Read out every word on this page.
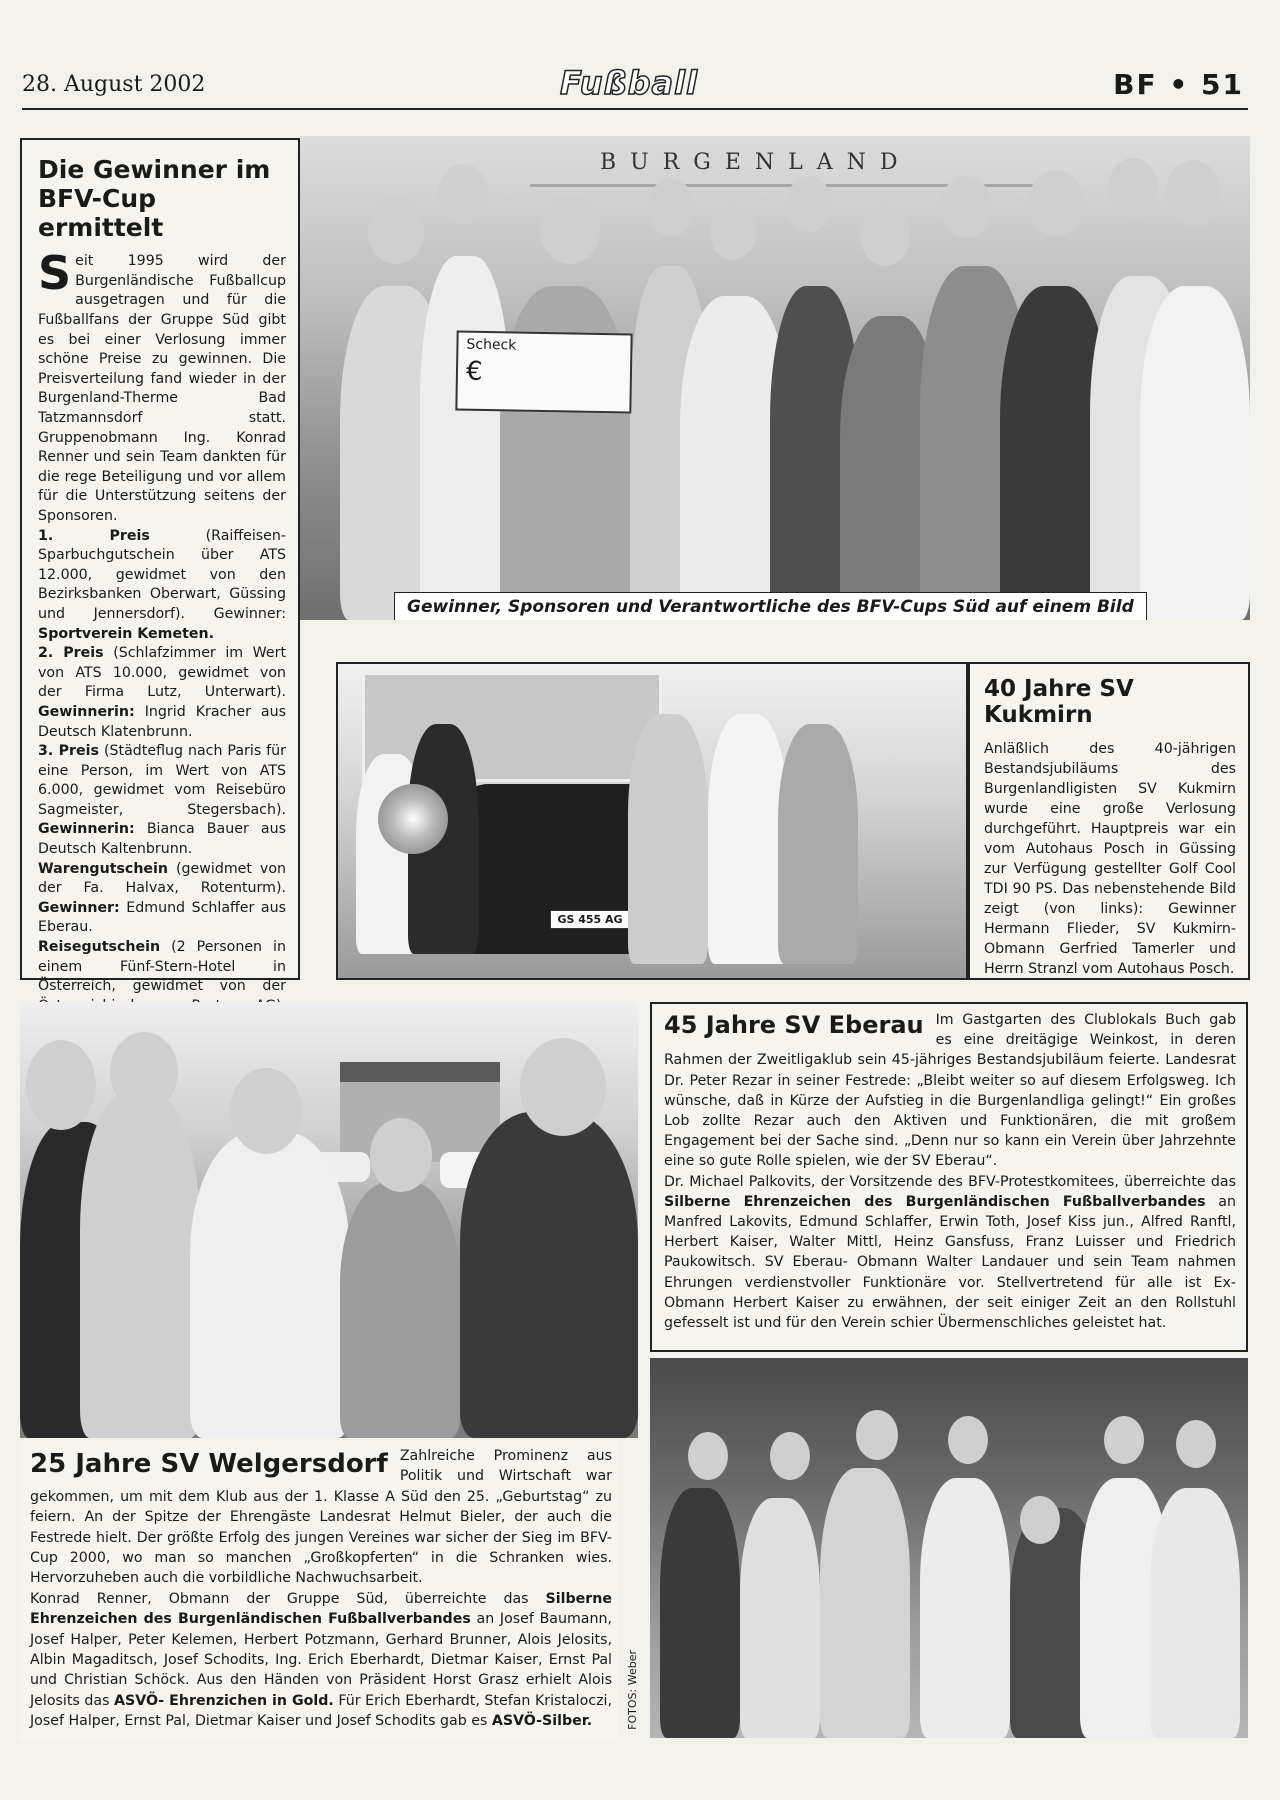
28. August 2002	Fußball	BF • 51
Die Gewinner im BFV-Cup ermittelt

Seit 1995 wird der Burgenländische Fußballcup ausgetragen und für die Fußballfans der Gruppe Süd gibt es bei einer Verlosung immer schöne Preise zu gewinnen. Die Preisverteilung fand wieder in der Burgenland-Therme Bad Tatzmannsdorf statt. Gruppenobmann Ing. Konrad Renner und sein Team dankten für die rege Beteiligung und vor allem für die Unterstützung seitens der Sponsoren.

1. Preis	(Raiffeisen-Sparbuchgutschein über ATS 12.000, gewidmet von den Bezirksbanken Oberwart, Güssing und Jennersdorf). Gewinner: Sportverein Kemeten.

2. Preis (Schlafzimmer im Wert von ATS 10.000, gewidmet von der Firma Lutz, Unterwart). Gewinnerin: Ingrid Kracher aus Deutsch Klatenbrunn.

3. Preis (Städteflug nach Paris für eine Person, im Wert von ATS 6.000, gewidmet vom Reisebüro Sagmeister, Stegersbach). Gewinnerin: Bianca Bauer aus Deutsch Kaltenbrunn.

Warengutschein (gewidmet von der Fa. Halvax, Rotenturm). Gewinner: Edmund Schlaffer aus Eberau.

Reisegutschein (2 Personen in einem Fünf-Stern-Hotel in Österreich, gewidmet von der

BURGENLAND
Scheck
€
Gewinner, Sponsoren und Verantwortliche des BFV-Cups Süd auf einem Bild
GS 455 AG
40 Jahre SV Kukmirn
Anläßlich des 40-jährigen Bestandsjubiläums des Burgenlandligisten SV Kukmirn wurde eine große Verlosung durchgeführt. Hauptpreis war ein vom Autohaus Posch in Güssing zur Verfügung gestellter Golf Cool TDI 90 PS. Das nebenstehende Bild zeigt (von links): Gewinner Hermann Flieder, SV Kukmirn-Obmann Gerfried Tamerler und Herrn Stranzl vom Autohaus Posch.
25 Jahre SV Welgersdorf Zahlreiche Prominenz aus Politik und Wirtschaft war gekommen, um mit dem Klub aus der 1. Klasse A Süd den 25. „Geburtstag“ zu feiern. An der Spitze der Ehrengäste Landesrat Helmut Bieler, der auch die Festrede hielt. Der größte Erfolg des jungen Vereines war sicher der Sieg im BFV-Cup 2000, wo man so manchen „Großkopferten“ in die Schranken wies. Hervorzuheben auch die vorbildliche Nachwuchsarbeit.

Konrad Renner, Obmann der Gruppe Süd, überreichte das Silberne Ehrenzeichen des Burgenländischen Fußballverbandes an Josef Baumann, Josef Halper, Peter Kelemen, Herbert Potzmann, Gerhard Brunner, Alois Jelosits, Albin Magaditsch, Josef Schodits, Ing. Erich Eberhardt, Dietmar Kaiser, Ernst Pal und Christian Schöck. Aus den Händen von Präsident Horst Grasz erhielt Alois Jelosits das ASVÖ- Ehrenzichen in Gold. Für Erich Eberhardt, Stefan Kristaloczi, Josef Halper, Ernst Pal, Dietmar Kaiser und Josef Schodits gab es ASVÖ-Silber.	FOTOS: Weber
45 Jahre SV Eberau Im Gastgarten des Clublokals Buch gab es eine dreitägige Weinkost, in deren Rahmen der Zweitligaklub sein 45-jähriges Bestandsjubiläum feierte. Landesrat Dr. Peter Rezar in seiner Festrede: „Bleibt weiter so auf diesem Erfolgsweg. Ich wünsche, daß in Kürze der Aufstieg in die Burgenlandliga gelingt!“ Ein großes Lob zollte Rezar auch den Aktiven und Funktionären, die mit großem Engagement bei der Sache sind. „Denn nur so kann ein Verein über Jahrzehnte eine so gute Rolle spielen, wie der SV Eberau“.

Dr. Michael Palkovits, der Vorsitzende des BFV-Protestkomitees, überreichte das Silberne Ehrenzeichen des Burgenländischen Fußballverbandes an Manfred Lakovits, Edmund Schlaffer, Erwin Toth, Josef Kiss jun., Alfred Ranftl, Herbert Kaiser, Walter Mittl, Heinz Gansfuss, Franz Luisser und Friedrich Paukowitsch. SV Eberau- Obmann Walter Landauer und sein Team nahmen Ehrungen verdienstvoller Funktionäre vor. Stellvertretend für alle ist Ex-Obmann Herbert Kaiser zu erwähnen, der seit einiger Zeit an den Rollstuhl gefesselt ist und für den Verein schier Übermenschliches geleistet hat.
